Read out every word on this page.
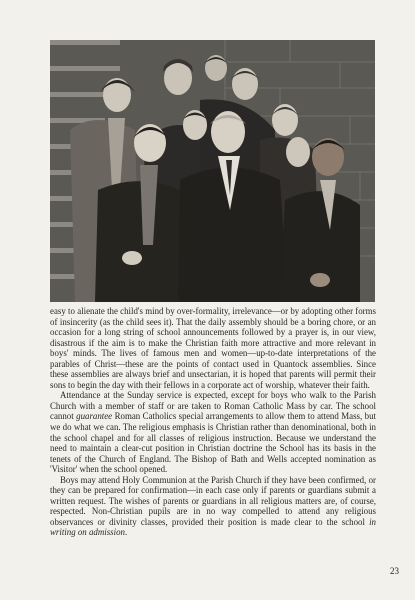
easy to alienate the child's mind by over-formality, irrelevance—or by adopting other forms of insincerity (as the child sees it). That the daily assembly should be a boring chore, or an occasion for a long string of school announcements followed by a prayer is, in our view, disastrous if the aim is to make the Christian faith more attractive and more relevant in boys' minds. The lives of famous men and women—up-to-date interpretations of the parables of Christ—these are the points of contact used in Quantock assemblies. Since these assemblies are always brief and unsectarian, it is hoped that parents will permit their sons to begin the day with their fellows in a corporate act of worship, whatever their faith.

Attendance at the Sunday service is expected, except for boys who walk to the Parish Church with a member of staff or are taken to Roman Catholic Mass by car. The school cannot guarantee Roman Catholics special arrangements to allow them to attend Mass, but we do what we can. The religious emphasis is Christian rather than denominational, both in the school chapel and for all classes of religious instruction. Because we understand the need to maintain a clear-cut position in Christian doctrine the School has its basis in the tenets of the Church of England. The Bishop of Bath and Wells accepted nomination as 'Visitor' when the school opened.

Boys may attend Holy Communion at the Parish Church if they have been confirmed, or they can be prepared for confirmation—in each case only if parents or guardians submit a written request. The wishes of parents or guardians in all religious matters are, of course, respected. Non-Christian pupils are in no way compelled to attend any religious observances or divinity classes, provided their position is made clear to the school in writing on admission.

23
